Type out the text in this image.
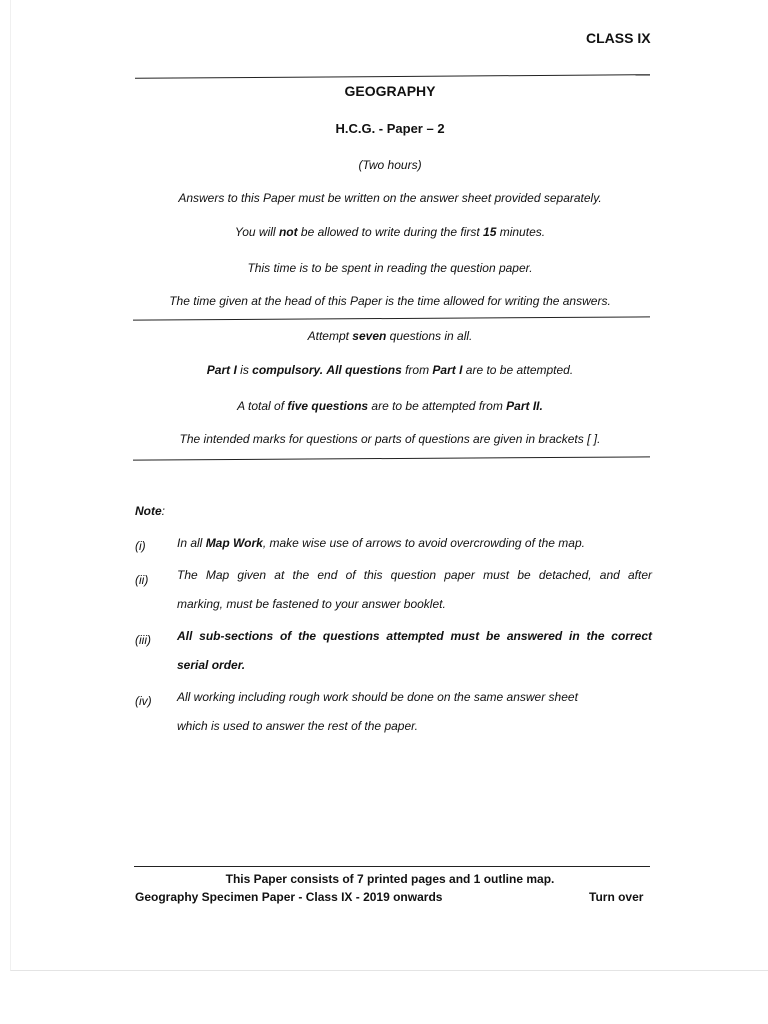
CLASS IX
GEOGRAPHY
H.C.G. - Paper – 2
(Two hours)
Answers to this Paper must be written on the answer sheet provided separately.
You will not be allowed to write during the first 15 minutes.
This time is to be spent in reading the question paper.
The time given at the head of this Paper is the time allowed for writing the answers.
Attempt seven questions in all.
Part I is compulsory. All questions from Part I are to be attempted.
A total of five questions are to be attempted from Part II.
The intended marks for questions or parts of questions are given in brackets [ ].
Note:
(i)	In all Map Work, make wise use of arrows to avoid overcrowding of the map.
(ii) The Map given at the end of this question paper must be detached, and after
marking, must be fastened to your answer booklet.
(iii) All sub-sections of the questions attempted must be answered in the correct
serial order.
(iv) All working including rough work should be done on the same answer sheet
which is used to answer the rest of the paper.
This Paper consists of 7 printed pages and 1 outline map.
Geography Specimen Paper - Class IX - 2019 onwards	Turn over
